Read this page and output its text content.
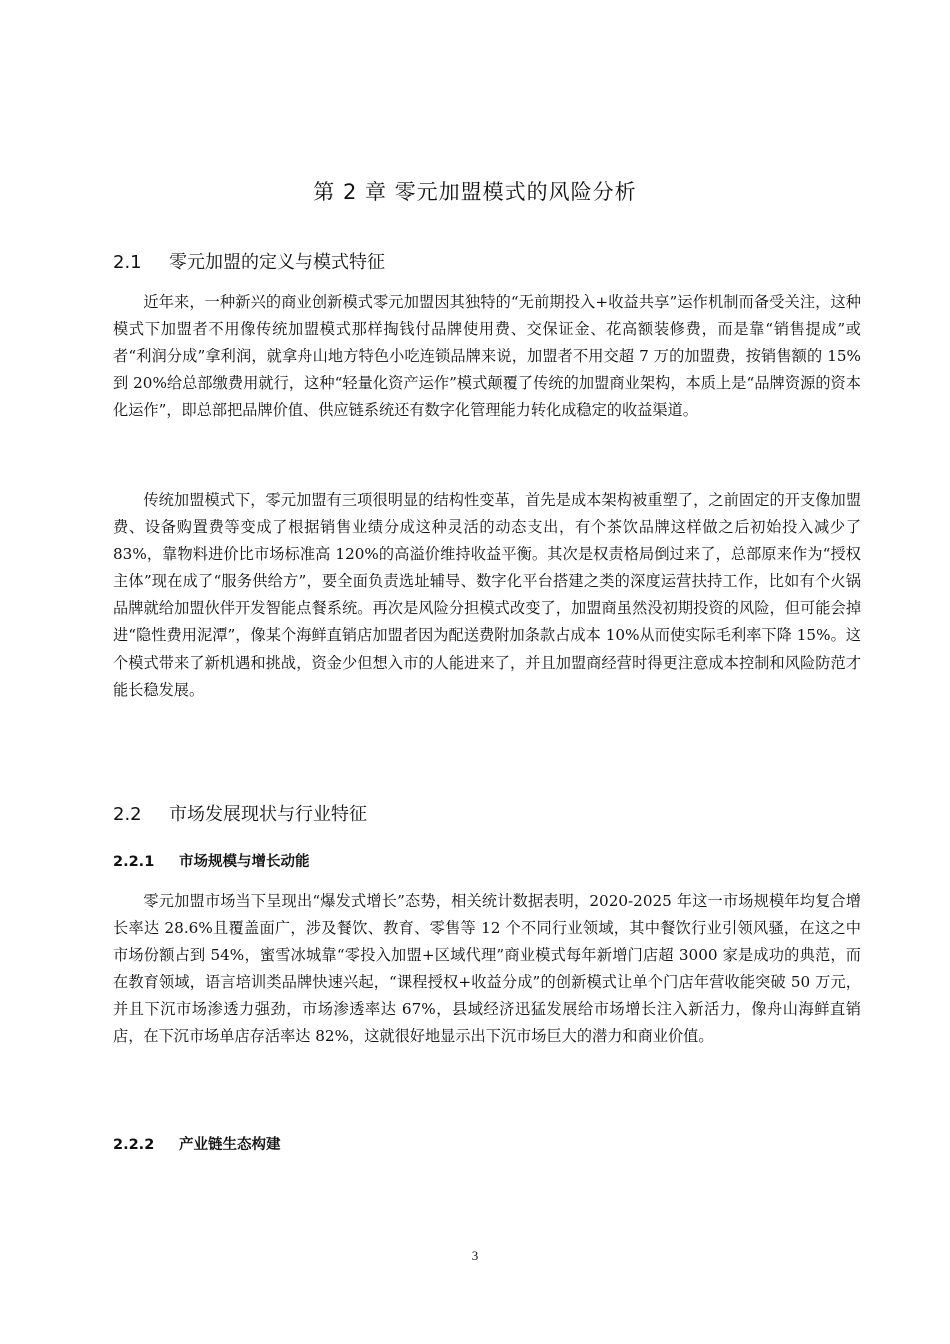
第 2 章 零元加盟模式的风险分析
2.1 零元加盟的定义与模式特征

近年来，一种新兴的商业创新模式零元加盟因其独特的“无前期投入+收益共享”运作机制而备受关注，这种模式下加盟者不用像传统加盟模式那样掏钱付品牌使用费、交保证金、花高额装修费，而是靠“销售提成”或者“利润分成”拿利润，就拿舟山地方特色小吃连锁品牌来说，加盟者不用交超 7 万的加盟费，按销售额的 15%到 20%给总部缴费用就行，这种“轻量化资产运作”模式颠覆了传统的加盟商业架构，本质上是“品牌资源的资本化运作”，即总部把品牌价值、供应链系统还有数字化管理能力转化成稳定的收益渠道。

传统加盟模式下，零元加盟有三项很明显的结构性变革，首先是成本架构被重塑了，之前固定的开支像加盟费、设备购置费等变成了根据销售业绩分成这种灵活的动态支出，有个茶饮品牌这样做之后初始投入减少了 83%，靠物料进价比市场标准高 120%的高溢价维持收益平衡。其次是权责格局倒过来了，总部原来作为“授权主体”现在成了“服务供给方”，要全面负责选址辅导、数字化平台搭建之类的深度运营扶持工作，比如有个火锅品牌就给加盟伙伴开发智能点餐系统。再次是风险分担模式改变了，加盟商虽然没初期投资的风险，但可能会掉进“隐性费用泥潭”，像某个海鲜直销店加盟者因为配送费附加条款占成本 10%从而使实际毛利率下降 15%。这个模式带来了新机遇和挑战，资金少但想入市的人能进来了，并且加盟商经营时得更注意成本控制和风险防范才能长稳发展。

2.2 市场发展现状与行业特征
2.2.1 市场规模与增长动能

零元加盟市场当下呈现出“爆发式增长”态势，相关统计数据表明，2020-2025 年这一市场规模年均复合增长率达 28.6%且覆盖面广，涉及餐饮、教育、零售等 12 个不同行业领域，其中餐饮行业引领风骚，在这之中市场份额占到 54%，蜜雪冰城靠“零投入加盟+区域代理”商业模式每年新增门店超 3000 家是成功的典范，而在教育领域，语言培训类品牌快速兴起，“课程授权+收益分成”的创新模式让单个门店年营收能突破 50 万元，并且下沉市场渗透力强劲，市场渗透率达 67%，县域经济迅猛发展给市场增长注入新活力，像舟山海鲜直销店，在下沉市场单店存活率达 82%，这就很好地显示出下沉市场巨大的潜力和商业价值。

2.2.2 产业链生态构建
3
